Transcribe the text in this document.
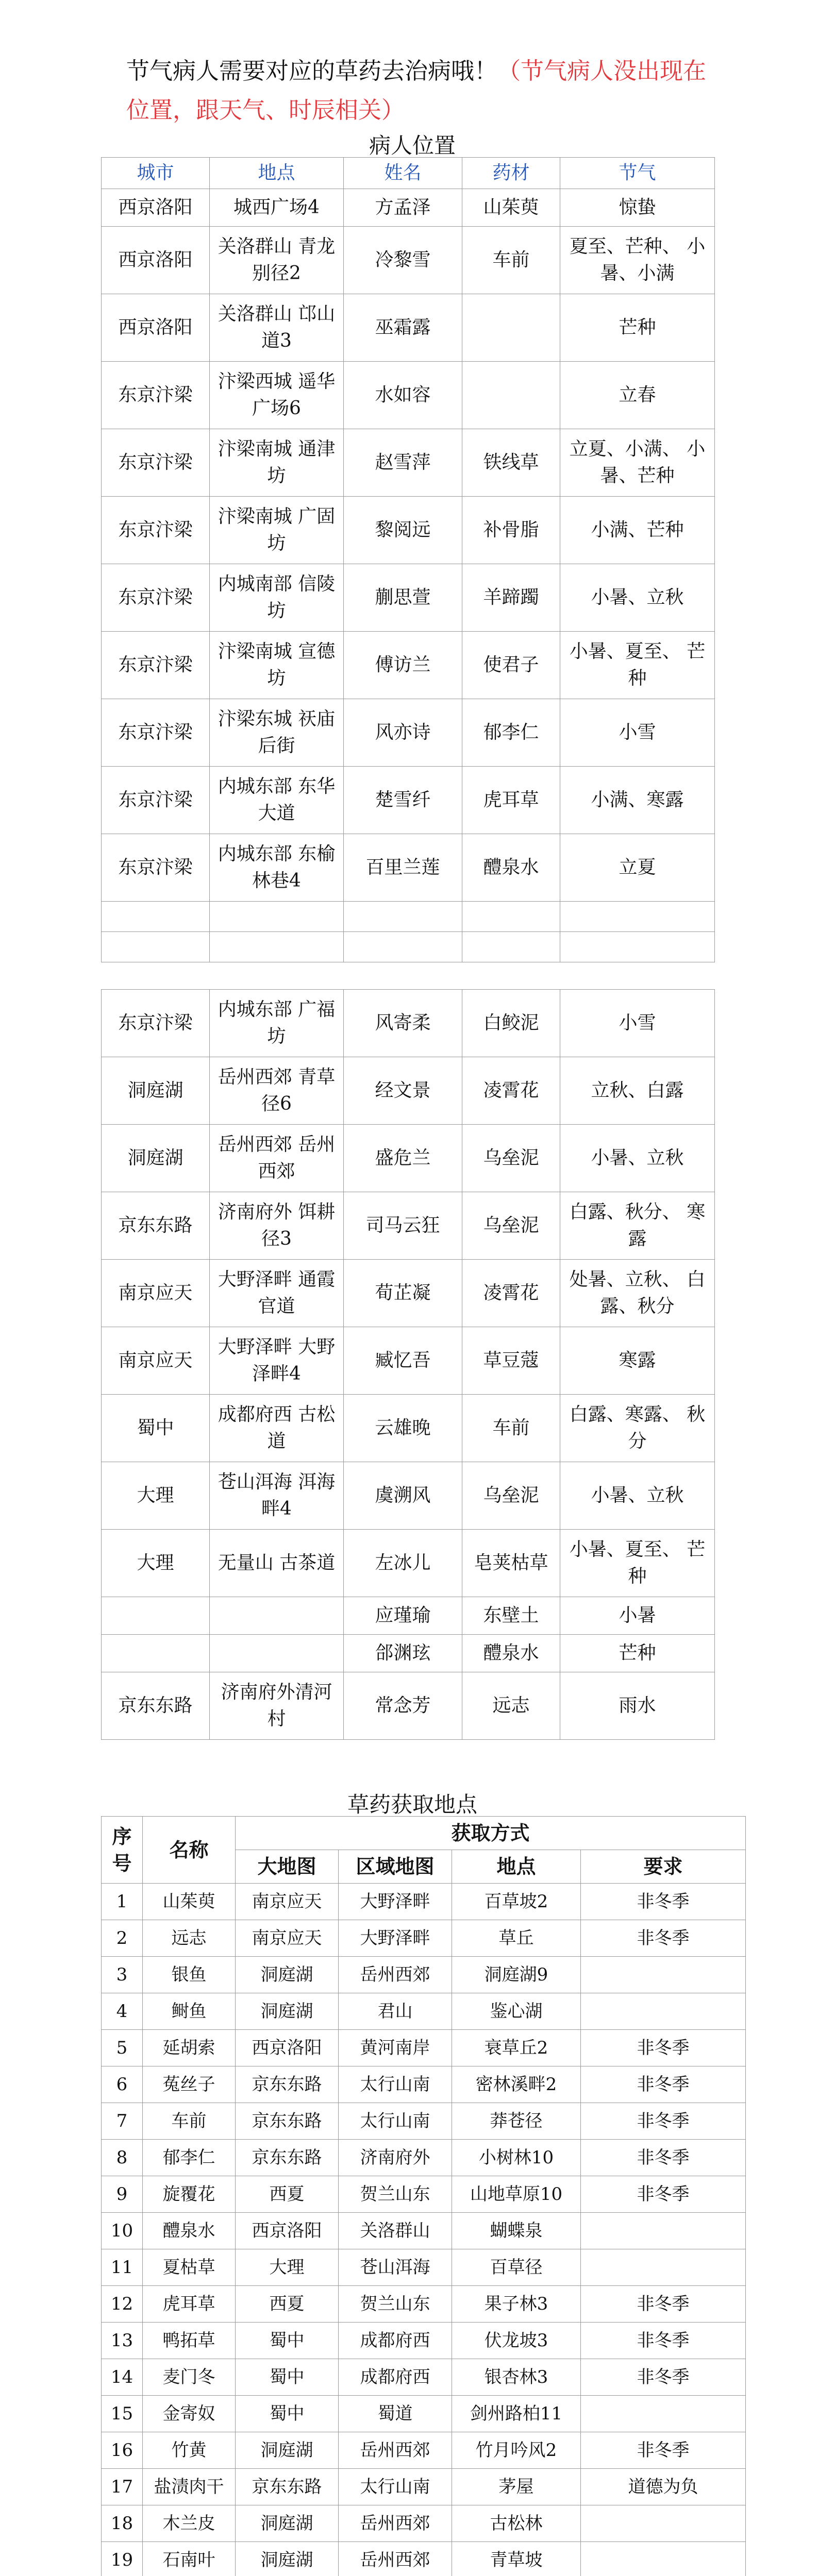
节气病人需要对应的草药去治病哦！（节气病人没出现在位置，跟天气、时辰相关）
病人位置
城市	地点	姓名	药材	节气
西京洛阳	城西广场4	方孟泽	山茱萸	惊蛰
西京洛阳	关洛群山 青龙别径2	冷黎雪	车前	夏至、芒种、 小暑、小满
西京洛阳	关洛群山 邙山道3	巫霜露		芒种
东京汴梁	汴梁西城 遥华广场6	水如容		立春
东京汴梁	汴梁南城 通津坊	赵雪萍	铁线草	立夏、小满、 小暑、芒种
东京汴梁	汴梁南城 广固坊	黎阅远	补骨脂	小满、芒种
东京汴梁	内城南部 信陵坊	蒯思萱	羊蹄躅	小暑、立秋
东京汴梁	汴梁南城 宣德坊	傅访兰	使君子	小暑、夏至、 芒种
东京汴梁	汴梁东城 祆庙后街	风亦诗	郁李仁	小雪
东京汴梁	内城东部 东华大道	楚雪纤	虎耳草	小满、寒露
东京汴梁	内城东部 东榆林巷4	百里兰莲	醴泉水	立夏

东京汴梁	内城东部 广福坊	风寄柔	白鲛泥	小雪
洞庭湖	岳州西郊 青草径6	经文景	凌霄花	立秋、白露
洞庭湖	岳州西郊 岳州西郊	盛危兰	乌垒泥	小暑、立秋
京东东路	济南府外 饵耕径3	司马云狂	乌垒泥	白露、秋分、 寒露
南京应天	大野泽畔 通霞官道	荀芷凝	凌霄花	处暑、立秋、 白露、秋分
南京应天	大野泽畔 大野泽畔4	臧忆吾	草豆蔻	寒露
蜀中	成都府西 古松道	云雄晚	车前	白露、寒露、 秋分
大理	苍山洱海 洱海畔4	虞溯风	乌垒泥	小暑、立秋
大理	无量山 古茶道	左冰儿	皂荚枯草	小暑、夏至、 芒种
		应瑾瑜	东壁土	小暑
		郃渊玹	醴泉水	芒种
京东东路	济南府外清河 村	常念芳	远志	雨水
草药获取地点
序 号	名称	获取方式			
		大地图	区域地图	地点	要求
1	山茱萸	南京应天	大野泽畔	百草坡2	非冬季
2	远志	南京应天	大野泽畔	草丘	非冬季
3	银鱼	洞庭湖	岳州西郊	洞庭湖9	
4	鲥鱼	洞庭湖	君山	鉴心湖	
5	延胡索	西京洛阳	黄河南岸	衰草丘2	非冬季
6	菟丝子	京东东路	太行山南	密林溪畔2	非冬季
7	车前	京东东路	太行山南	莽苍径	非冬季
8	郁李仁	京东东路	济南府外	小树林10	非冬季
9	旋覆花	西夏	贺兰山东	山地草原10	非冬季
10	醴泉水	西京洛阳	关洛群山	蝴蝶泉	
11	夏枯草	大理	苍山洱海	百草径	
12	虎耳草	西夏	贺兰山东	果子林3	非冬季
13	鸭拓草	蜀中	成都府西	伏龙坡3	非冬季
14	麦门冬	蜀中	成都府西	银杏林3	非冬季
15	金寄奴	蜀中	蜀道	剑州路柏11	
16	竹黄	洞庭湖	岳州西郊	竹月吟风2	非冬季
17	盐渍肉干	京东东路	太行山南	茅屋	道德为负
18	木兰皮	洞庭湖	岳州西郊	古松林	
19	石南叶	洞庭湖	岳州西郊	青草坡	
